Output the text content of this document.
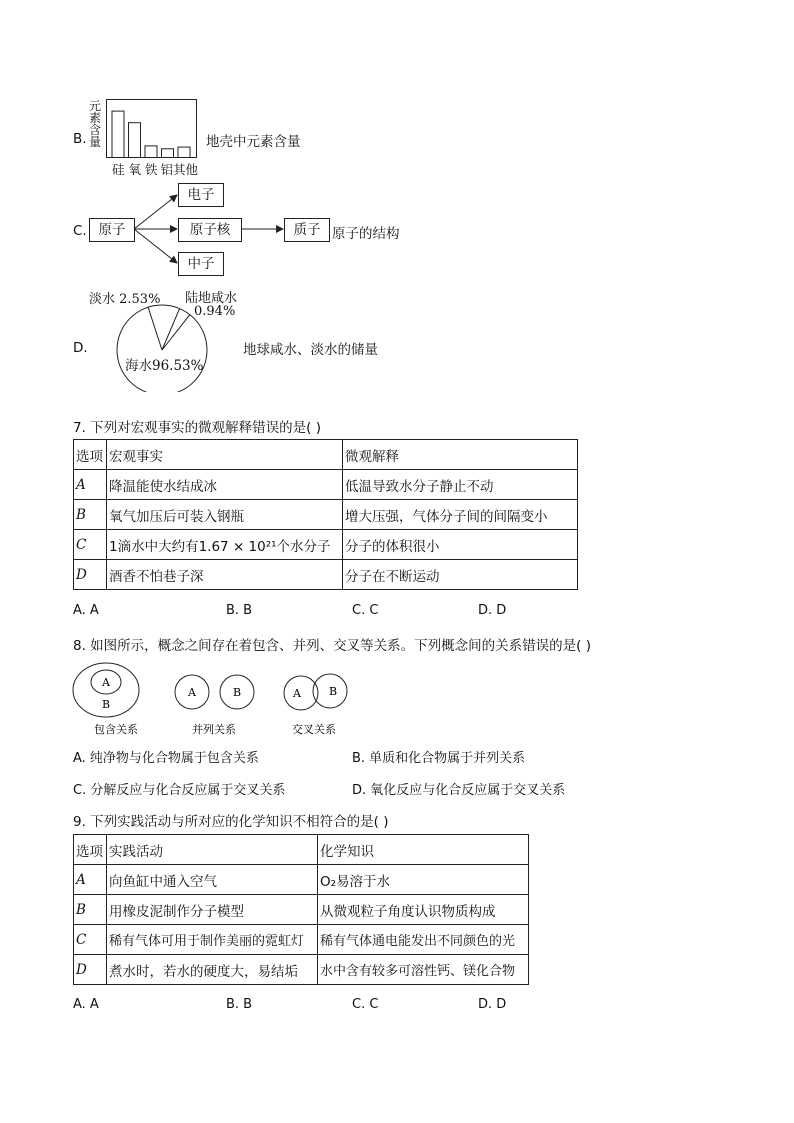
B.
元
素
含
量
硅 氧 铁 铝其他
地壳中元素含量
C. 原子
电子
原子核	质子
中子
原子的结构
D.
淡水 2.53% 陆地咸水
0.94%
海水96.53%
地球咸水、淡水的储量
7. 下列对宏观事实的微观解释错误的是( )
选项	宏观事实	微观解释
A	降温能使水结成冰	低温导致水分子静止不动
B	氧气加压后可装入钢瓶	增大压强，气体分子间的间隔变小
C	1滴水中大约有1.67 × 10²¹个水分子	分子的体积很小
D	酒香不怕巷子深	分子在不断运动
A. A	B. B	C. C	D. D
8. 如图所示，概念之间存在着包含、并列、交叉等关系。下列概念间的关系错误的是( )
A
B
A	B	A	B
包含关系	并列关系	交叉关系
A. 纯净物与化合物属于包含关系	B. 单质和化合物属于并列关系
C. 分解反应与化合反应属于交叉关系	D. 氧化反应与化合反应属于交叉关系
9. 下列实践活动与所对应的化学知识不相符合的是( )
选项	实践活动	化学知识
A	向鱼缸中通入空气	O₂易溶于水
B	用橡皮泥制作分子模型	从微观粒子角度认识物质构成
C	稀有气体可用于制作美丽的霓虹灯	稀有气体通电能发出不同颜色的光
D	煮水时，若水的硬度大，易结垢	水中含有较多可溶性钙、镁化合物
A. A	B. B	C. C	D. D
